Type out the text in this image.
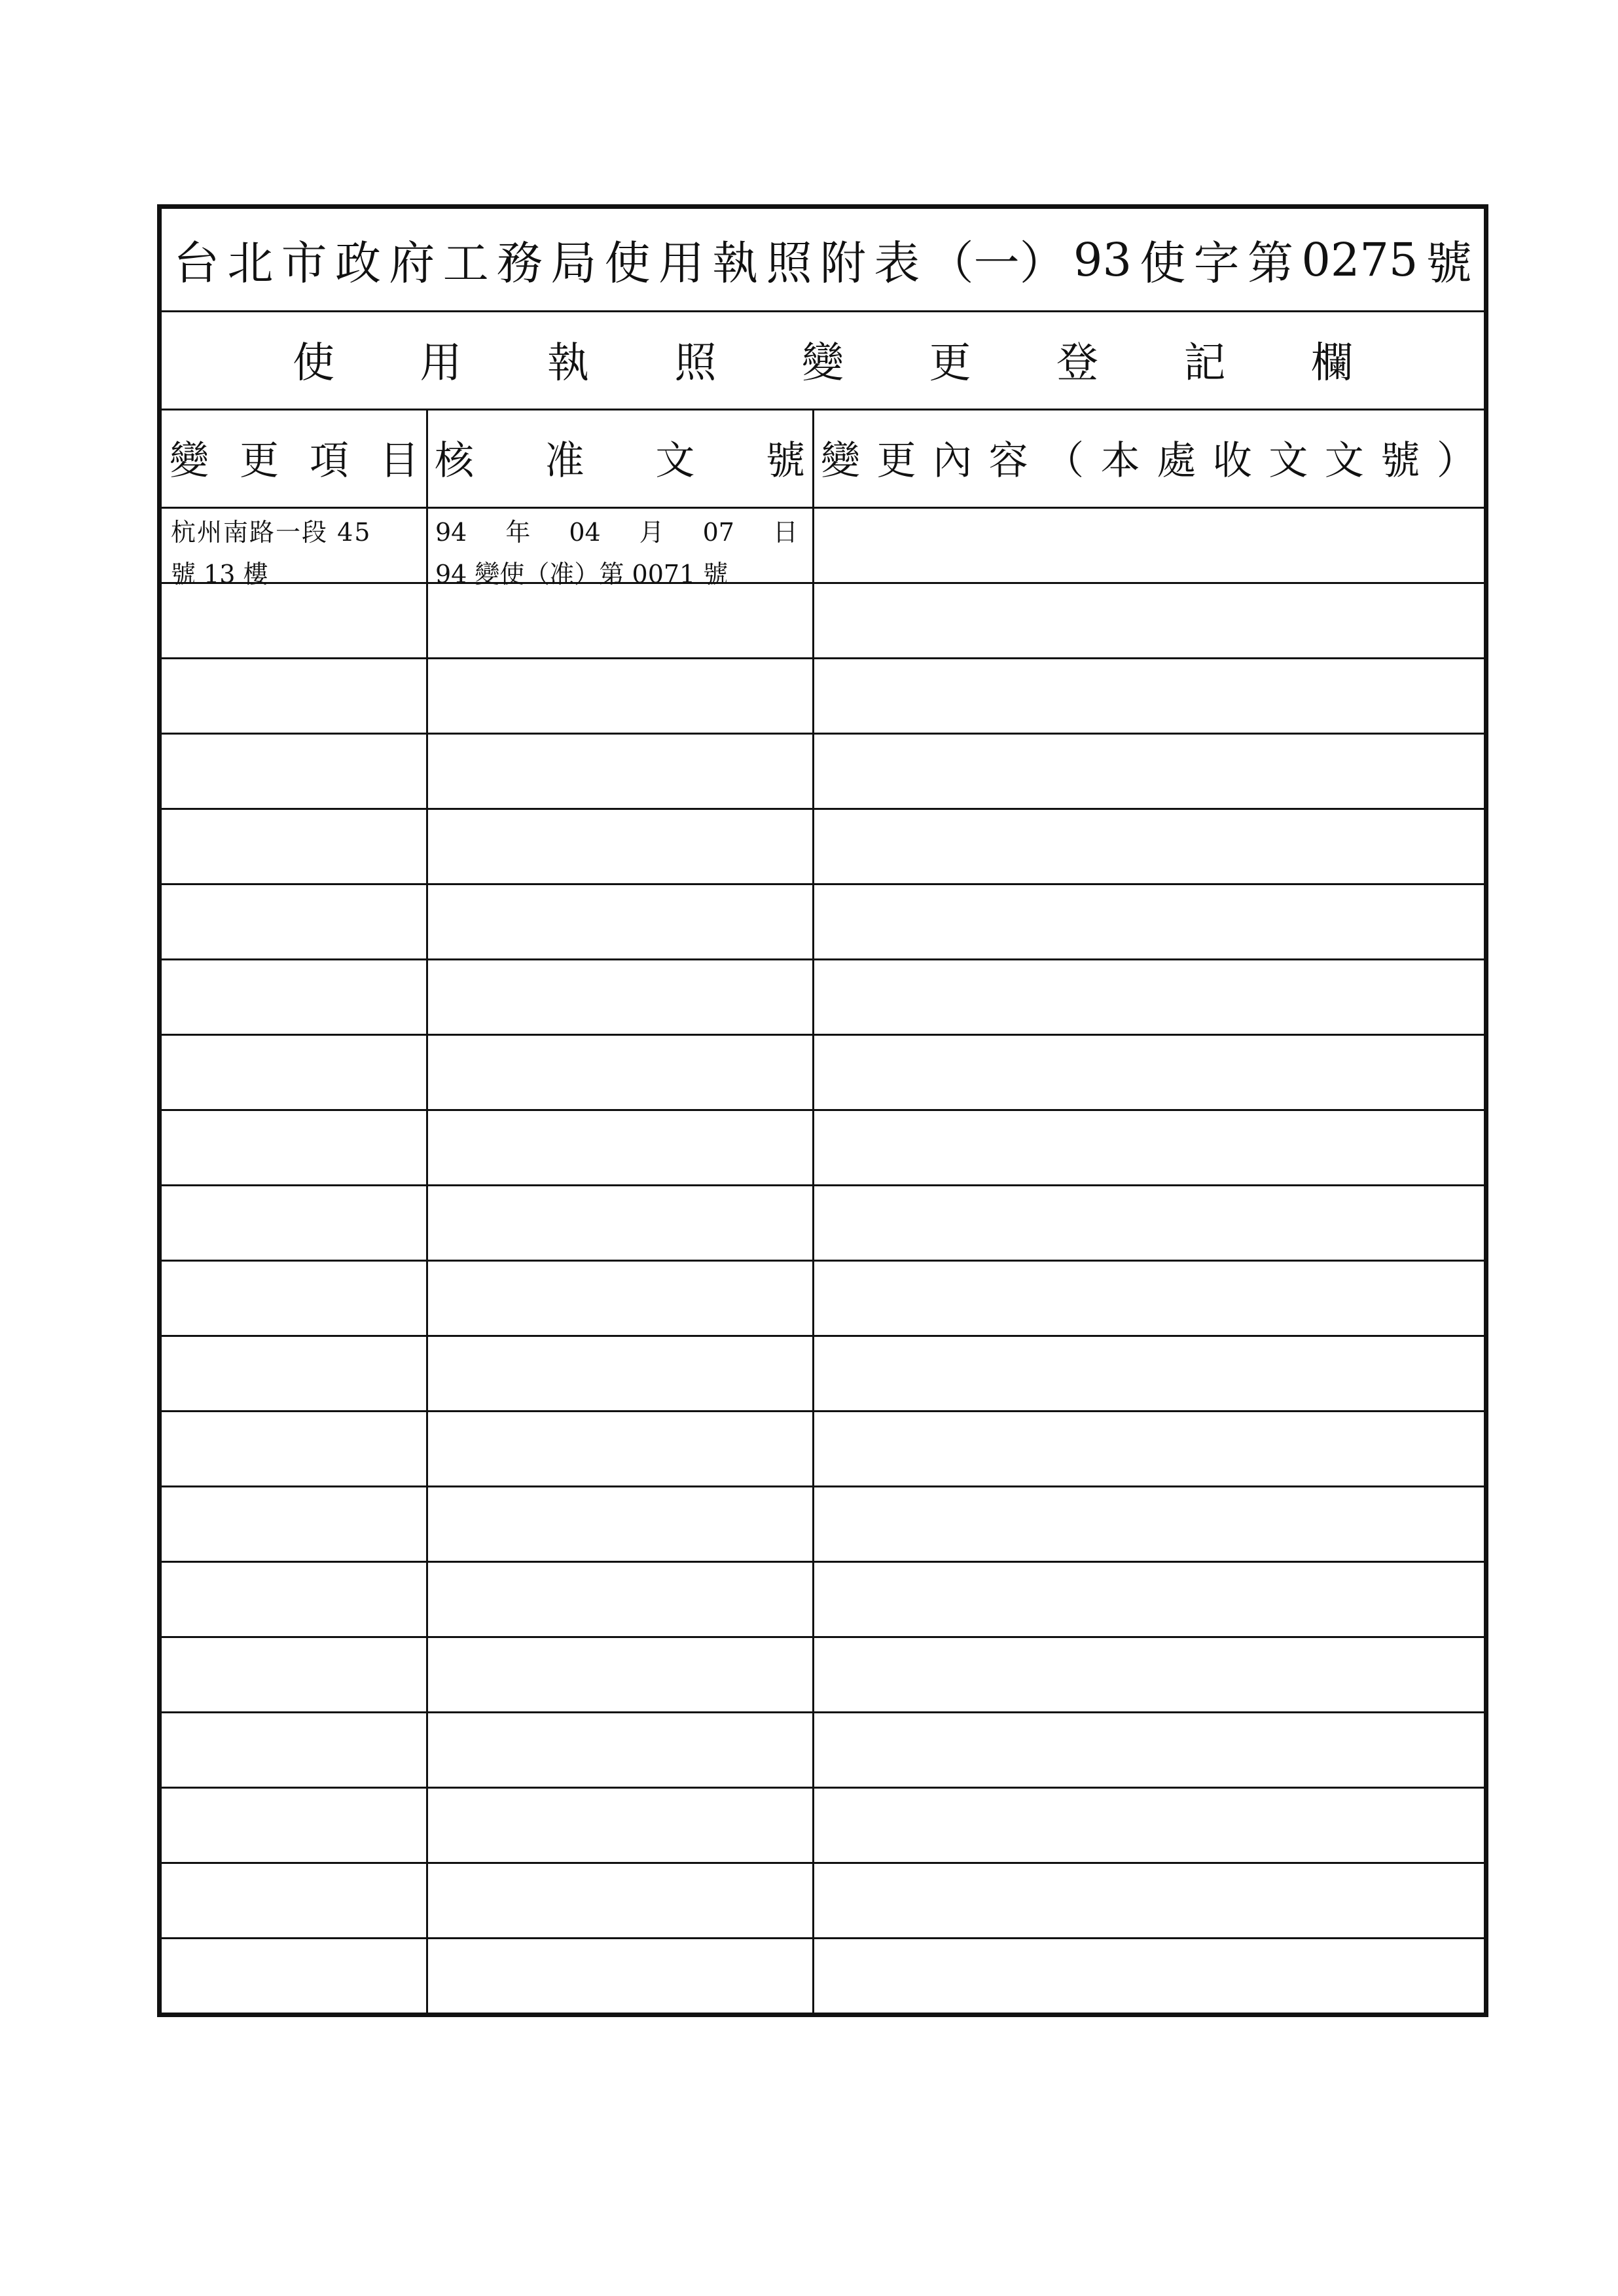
台 北 市 政 府 工 務 局 使 用 執 照 附 表 （一） 93 使 字 第 0275 號
使 用 執 照 變 更 登 記 欄
變 更 項 目 核 准 文 號 變 更 內 容 （ 本 處 收 文 文 號 ）
杭州南路一段 45
號 13 樓
94 年 04 月 07 日
94 變使（准）第 0071 號
